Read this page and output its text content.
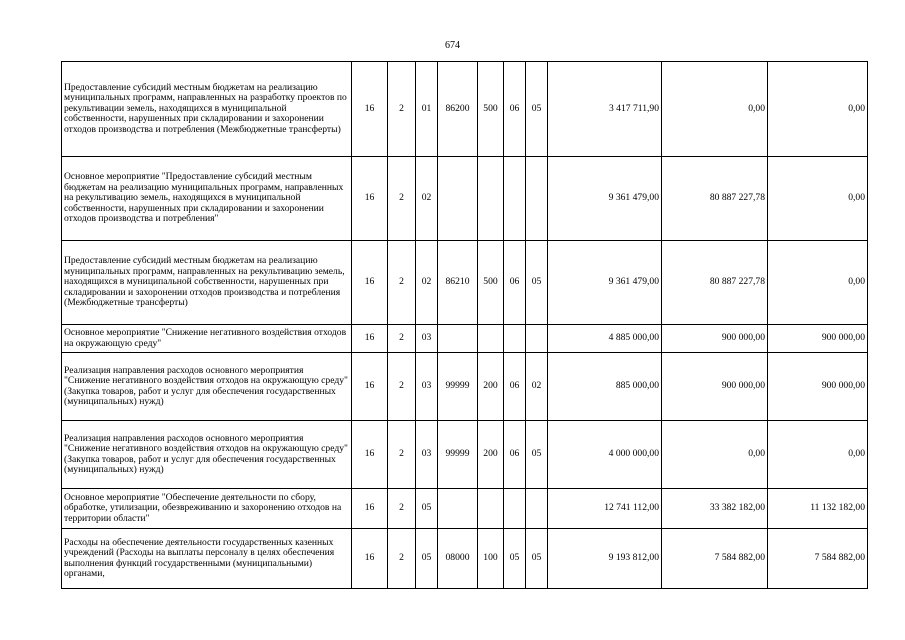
674
Предоставление субсидий местным бюджетам на реализацию муниципальных программ, направленных на разработку проектов по рекультивации земель, находящихся в муниципальной собственности, нарушенных при складировании и захоронении отходов производства и потребления (Межбюджетные трансферты)	16	2	01	86200	500	06	05	3 417 711,90	0,00	0,00
Основное мероприятие "Предоставление субсидий местным бюджетам на реализацию муниципальных программ, направленных на рекультивацию земель, находящихся в муниципальной собственности, нарушенных при складировании и захоронении отходов производства и потребления"	16	2	02					9 361 479,00	80 887 227,78	0,00
Предоставление субсидий местным бюджетам на реализацию муниципальных программ, направленных на рекультивацию земель, находящихся в муниципальной собственности, нарушенных при складировании и захоронении отходов производства и потребления (Межбюджетные трансферты)	16	2	02	86210	500	06	05	9 361 479,00	80 887 227,78	0,00
Основное мероприятие "Снижение негативного воздействия отходов на окружающую среду"	16	2	03					4 885 000,00	900 000,00	900 000,00
Реализация направления расходов основного мероприятия "Снижение негативного воздействия отходов на окружающую среду" (Закупка товаров, работ и услуг для обеспечения государственных (муниципальных) нужд)	16	2	03	99999	200	06	02	885 000,00	900 000,00	900 000,00
Реализация направления расходов основного мероприятия "Снижение негативного воздействия отходов на окружающую среду" (Закупка товаров, работ и услуг для обеспечения государственных (муниципальных) нужд)	16	2	03	99999	200	06	05	4 000 000,00	0,00	0,00
Основное мероприятие "Обеспечение деятельности по сбору, обработке, утилизации, обезвреживанию и захоронению отходов на территории области"	16	2	05					12 741 112,00	33 382 182,00	11 132 182,00
Расходы на обеспечение деятельности государственных казенных учреждений (Расходы на выплаты персоналу в целях обеспечения выполнения функций государственными (муниципальными) органами,	16	2	05	08000	100	05	05	9 193 812,00	7 584 882,00	7 584 882,00
